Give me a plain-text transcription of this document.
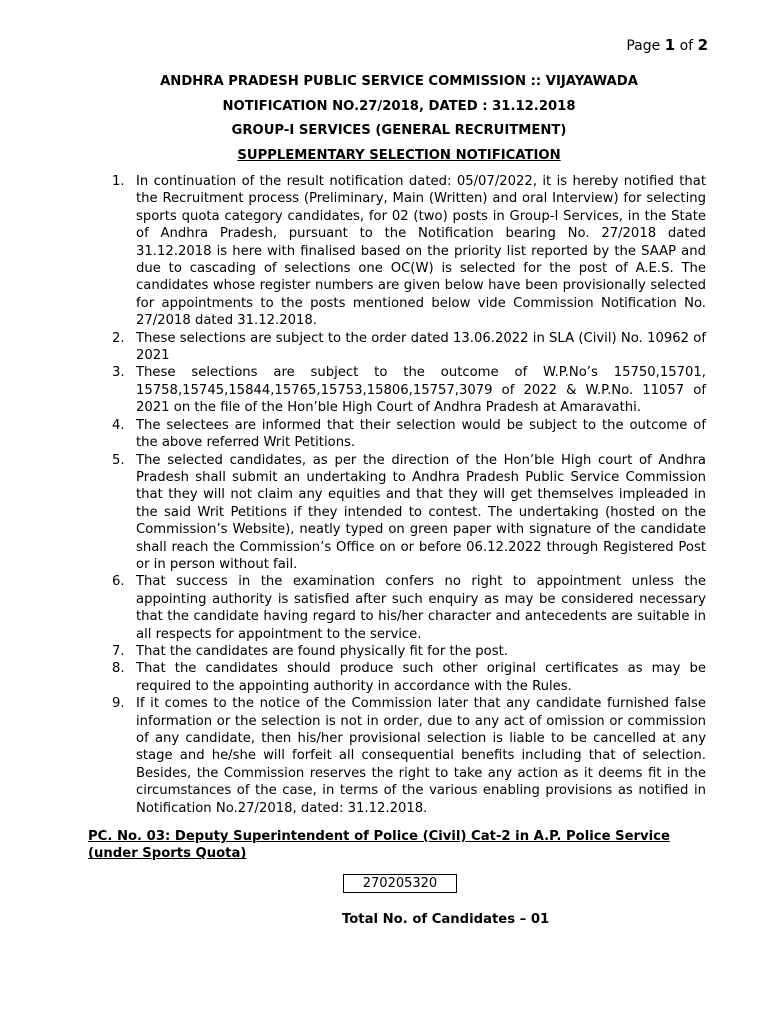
Page 1 of 2
ANDHRA PRADESH PUBLIC SERVICE COMMISSION :: VIJAYAWADA
NOTIFICATION NO.27/2018, DATED : 31.12.2018
GROUP-I SERVICES (GENERAL RECRUITMENT)
SUPPLEMENTARY SELECTION NOTIFICATION
1. In continuation of the result notification dated: 05/07/2022, it is hereby notified that the Recruitment process (Preliminary, Main (Written) and oral Interview) for selecting sports quota category candidates, for 02 (two) posts in Group-I Services, in the State of Andhra Pradesh, pursuant to the Notification bearing No. 27/2018 dated 31.12.2018 is here with finalised based on the priority list reported by the SAAP and due to cascading of selections one OC(W) is selected for the post of A.E.S. The candidates whose register numbers are given below have been provisionally selected for appointments to the posts mentioned below vide Commission Notification No. 27/2018 dated 31.12.2018.
2. These selections are subject to the order dated 13.06.2022 in SLA (Civil) No. 10962 of 2021
3. These selections are subject to the outcome of W.P.No’s 15750,15701, 15758,15745,15844,15765,15753,15806,15757,3079 of 2022 & W.P.No. 11057 of 2021 on the file of the Hon’ble High Court of Andhra Pradesh at Amaravathi.
4. The selectees are informed that their selection would be subject to the outcome of the above referred Writ Petitions.
5. The selected candidates, as per the direction of the Hon’ble High court of Andhra Pradesh shall submit an undertaking to Andhra Pradesh Public Service Commission that they will not claim any equities and that they will get themselves impleaded in the said Writ Petitions if they intended to contest. The undertaking (hosted on the Commission’s Website), neatly typed on green paper with signature of the candidate shall reach the Commission’s Office on or before 06.12.2022 through Registered Post or in person without fail.
6. That success in the examination confers no right to appointment unless the appointing authority is satisfied after such enquiry as may be considered necessary that the candidate having regard to his/her character and antecedents are suitable in all respects for appointment to the service.
7. That the candidates are found physically fit for the post.
8. That the candidates should produce such other original certificates as may be required to the appointing authority in accordance with the Rules.
9. If it comes to the notice of the Commission later that any candidate furnished false information or the selection is not in order, due to any act of omission or commission of any candidate, then his/her provisional selection is liable to be cancelled at any stage and he/she will forfeit all consequential benefits including that of selection. Besides, the Commission reserves the right to take any action as it deems fit in the circumstances of the case, in terms of the various enabling provisions as notified in Notification No.27/2018, dated: 31.12.2018.
PC. No. 03: Deputy Superintendent of Police (Civil) Cat-2 in A.P. Police Service (under Sports Quota)
270205320
Total No. of Candidates – 01
